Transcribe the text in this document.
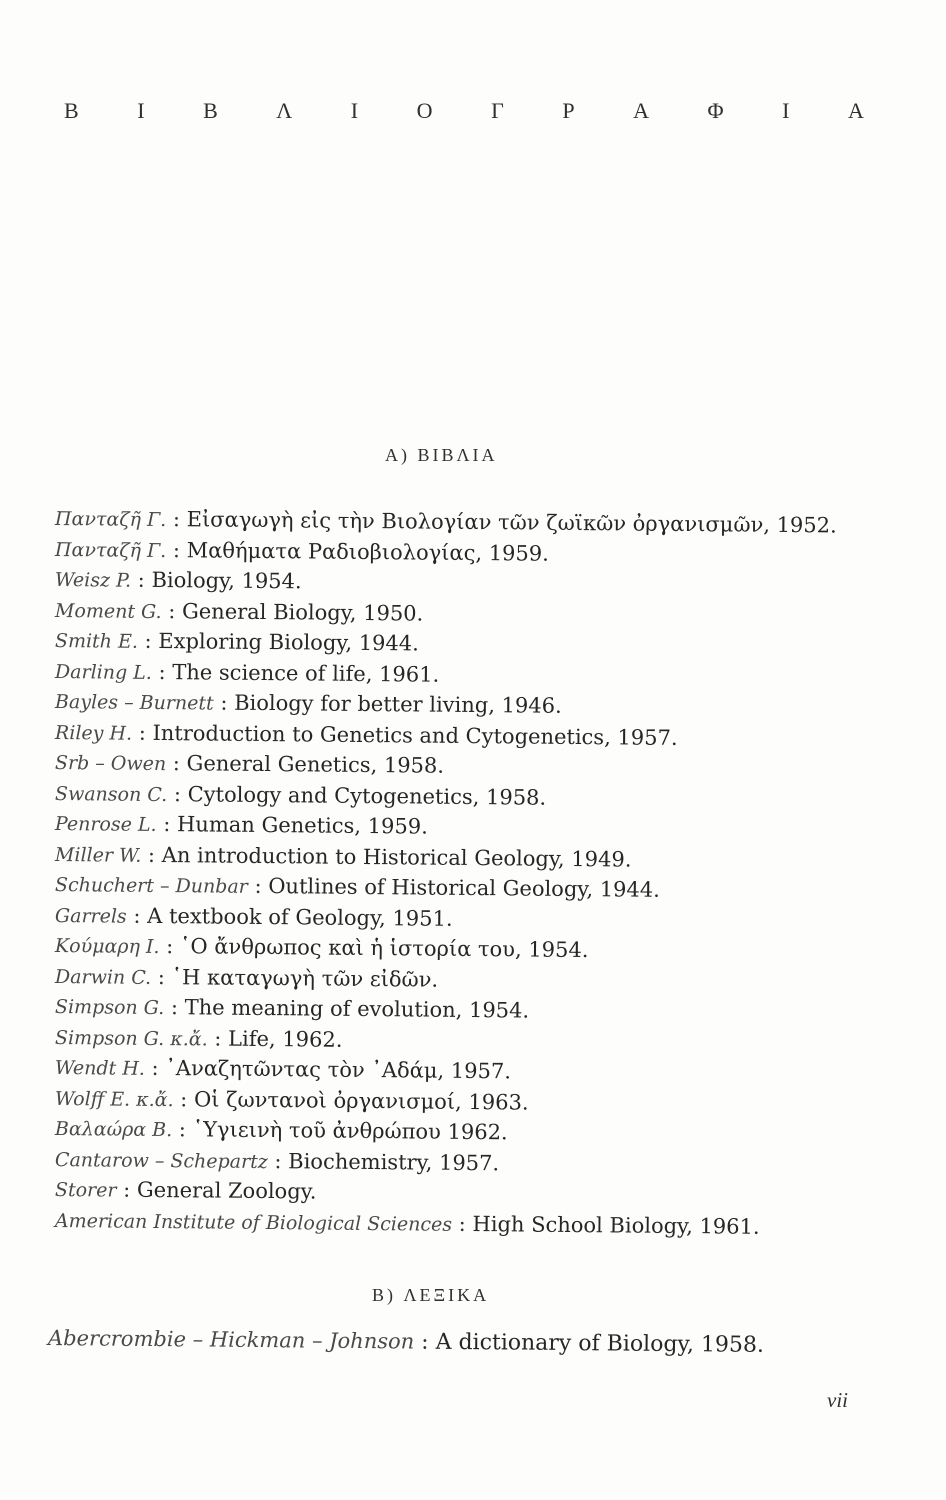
B	I	B	Λ	I	O	Γ	P	A	Φ	I	A
A) BIBΛIA
Πανταζῆ Γ. : Εἰσαγωγὴ εἰς τὴν Βιολογίαν τῶν ζωϊκῶν ὀργανισμῶν, 1952.
Πανταζῆ Γ. : Μαθήματα Ραδιοβιολογίας, 1959.
Weisz P. : Biology, 1954.
Moment G. : General Biology, 1950.
Smith E. : Exploring Biology, 1944.
Darling L. : The science of life, 1961.
Bayles – Burnett : Biology for better living, 1946.
Riley H. : Introduction to Genetics and Cytogenetics, 1957.
Srb – Owen : General Genetics, 1958.
Swanson C. : Cytology and Cytogenetics, 1958.
Penrose L. : Human Genetics, 1959.
Miller W. : An introduction to Historical Geology, 1949.
Schuchert – Dunbar : Outlines of Historical Geology, 1944.
Garrels : A textbook of Geology, 1951.
Κούμαρη Ι. : ῾Ο ἄνθρωπος καὶ ἡ ἱστορία του, 1954.
Darwin C. : ῾Η καταγωγὴ τῶν εἰδῶν.
Simpson G. : The meaning of evolution, 1954.
Simpson G. κ.ἄ. : Life, 1962.
Wendt H. : ᾽Αναζητῶντας τὸν ᾽Αδάμ, 1957.
Wolff E. κ.ἄ. : Οἱ ζωντανοὶ ὀργανισμοί, 1963.
Βαλαώρα Β. : ῾Υγιεινὴ τοῦ ἀνθρώπου 1962.
Cantarow – Schepartz : Biochemistry, 1957.
Storer : General Zoology.
American Institute of Biological Sciences : High School Biology, 1961.
B) ΛΕΞΙΚΑ
Abercrombie – Hickman – Johnson : A dictionary of Biology, 1958.
vii
